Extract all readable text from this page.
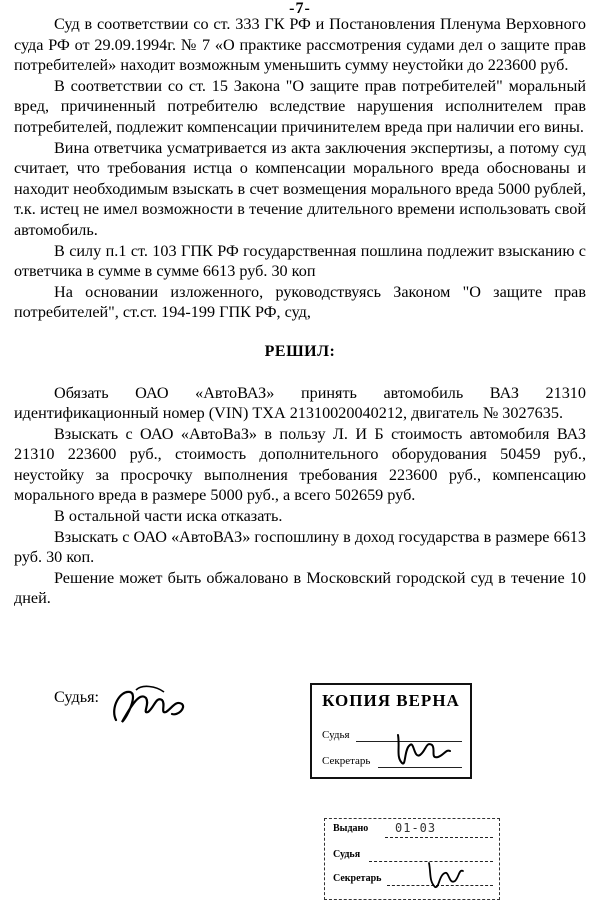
-7-

Суд в соответствии со ст. 333 ГК РФ и Постановления Пленума Верховного суда РФ от 29.09.1994г. № 7 «О практике рассмотрения судами дел о защите прав потребителей» находит возможным уменьшить сумму неустойки до 223600 руб.

В соответствии со ст. 15 Закона "О защите прав потребителей" моральный вред, причиненный потребителю вследствие нарушения исполнителем прав потребителей, подлежит компенсации причинителем вреда при наличии его вины.

Вина ответчика усматривается из акта заключения экспертизы, а потому суд считает, что требования истца о компенсации морального вреда обоснованы и находит необходимым взыскать в счет возмещения морального вреда 5000 рублей, т.к. истец не имел возможности в течение длительного времени использовать свой автомобиль.

В силу п.1 ст. 103 ГПК РФ государственная пошлина подлежит взысканию с ответчика в сумме в сумме 6613 руб. 30 коп

На основании изложенного, руководствуясь Законом "О защите прав потребителей", ст.ст. 194-199 ГПК РФ, суд,

РЕШИЛ:

Обязать ОАО «АвтоВАЗ» принять автомобиль ВАЗ 21310 идентификационный номер (VIN) ТХА 21310020040212, двигатель № 3027635.

Взыскать с ОАО «АвтоВаЗ» в пользу Л. И Б стоимость автомобиля ВАЗ 21310 223600 руб., стоимость дополнительного оборудования 50459 руб., неустойку за просрочку выполнения требования 223600 руб., компенсацию морального вреда в размере 5000 руб., а всего 502659 руб.

В остальной части иска отказать.

Взыскать с ОАО «АвтоВАЗ» госпошлину в доход государства в размере 6613 руб. 30 коп.

Решение может быть обжаловано в Московский городской суд в течение 10 дней.

Судья:	КОПИЯ ВЕРНА
Судья
Секретарь
Выдано 01-03
Судья
Секретарь
